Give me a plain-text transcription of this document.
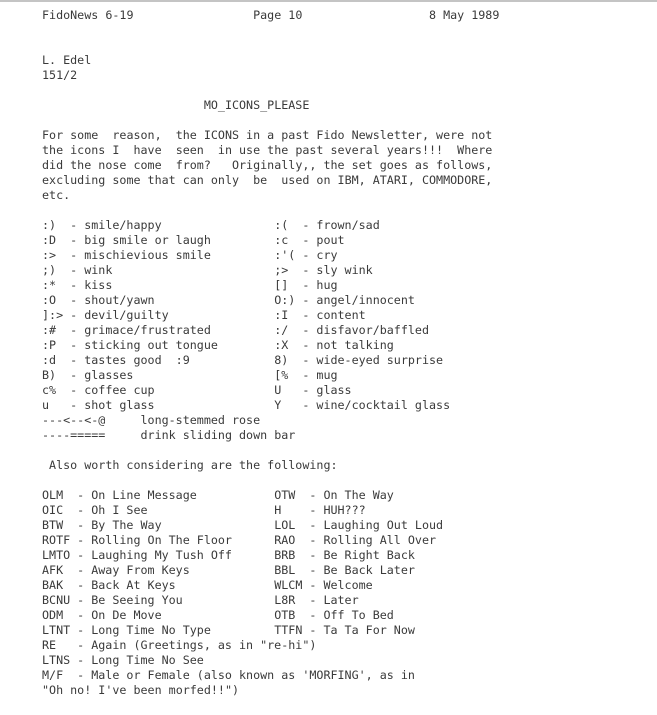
FidoNews 6-19	Page 10	8 May 1989
L. Edel
151/2
MO_ICONS_PLEASE
For some  reason,  the ICONS in a past Fido Newsletter, were not
the icons I  have  seen  in use the past several years!!!  Where
did the nose come  from?   Originally,, the set goes as follows,
excluding some that can only  be  used on IBM, ATARI, COMMODORE,
etc.
:) - smile/happy	:( - frown/sad
:D - big smile or laugh	:c - pout
:> - mischievious smile	:'( - cry
;) - wink	;> - sly wink
:* - kiss	[] - hug
:O - shout/yawn	O:) - angel/innocent
]:> - devil/guilty	:I - content
:# - grimace/frustrated	:/ - disfavor/baffled
:P - sticking out tongue	:X - not talking
:d - tastes good  :9	8) - wide-eyed surprise
B) - glasses	[% - mug
c% - coffee cup	U - glass
u - shot glass	Y - wine/cocktail glass
---<--<-@	long-stemmed rose
----=====	drink sliding down bar
Also worth considering are the following:
OLM - On Line Message	OTW - On The Way
OIC - Oh I See	H - HUH???
BTW - By The Way	LOL - Laughing Out Loud
ROTF - Rolling On The Floor	RAO - Rolling All Over
LMTO - Laughing My Tush Off	BRB - Be Right Back
AFK - Away From Keys	BBL - Be Back Later
BAK - Back At Keys	WLCM - Welcome
BCNU - Be Seeing You	L8R - Later
ODM - On De Move	OTB - Off To Bed
LTNT - Long Time No Type	TTFN - Ta Ta For Now
RE - Again (Greetings, as in "re-hi")
LTNS - Long Time No See
M/F - Male or Female (also known as 'MORFING', as in
"Oh no! I've been morfed!!")
